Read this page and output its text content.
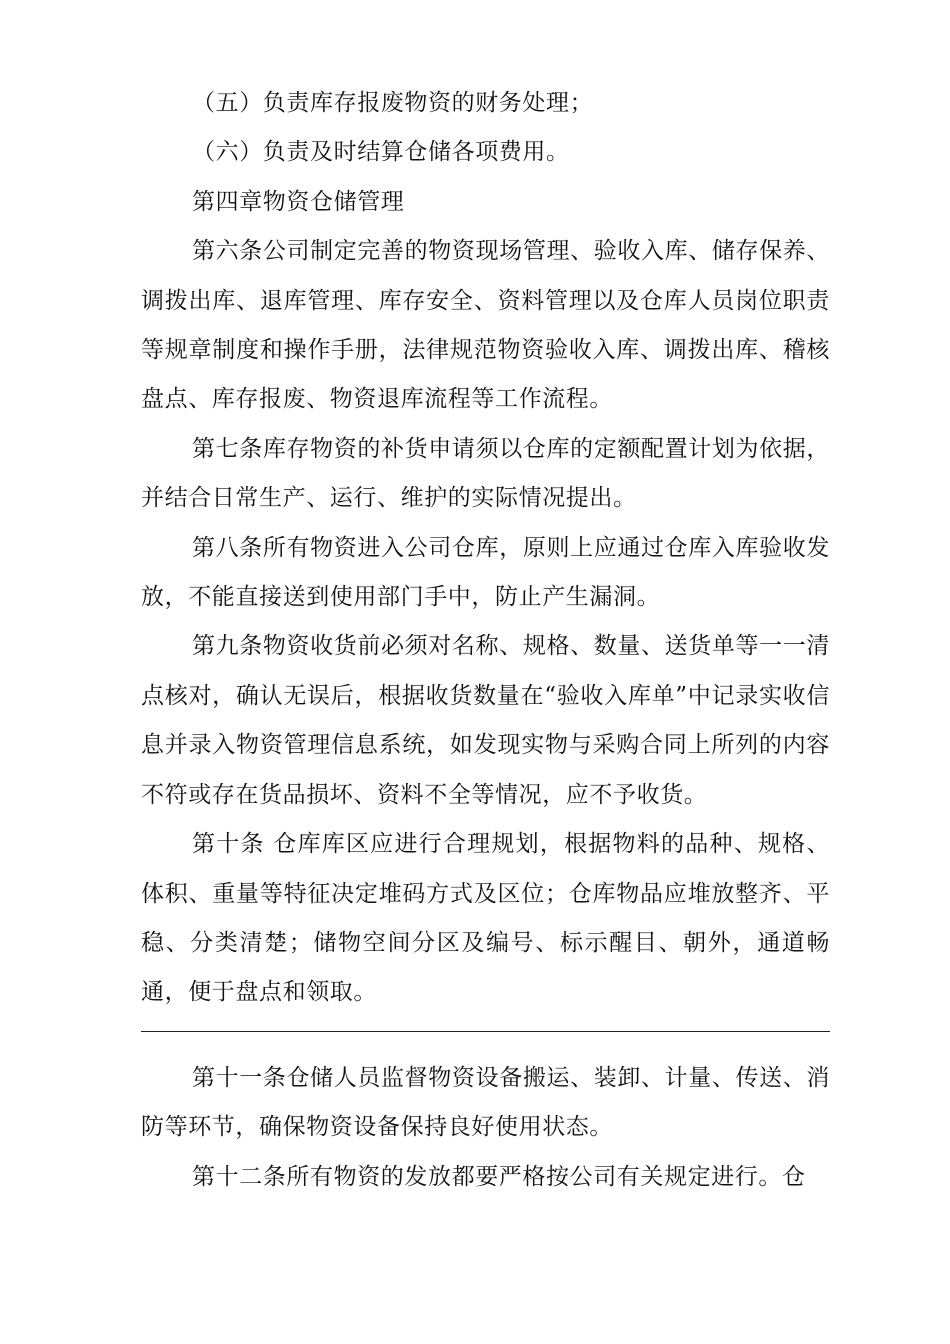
（五）负责库存报废物资的财务处理；

（六）负责及时结算仓储各项费用。

第四章物资仓储管理

第六条公司制定完善的物资现场管理、验收入库、储存保养、调拨出库、退库管理、库存安全、资料管理以及仓库人员岗位职责等规章制度和操作手册，法律规范物资验收入库、调拨出库、稽核盘点、库存报废、物资退库流程等工作流程。

第七条库存物资的补货申请须以仓库的定额配置计划为依据，并结合日常生产、运行、维护的实际情况提出。

第八条所有物资进入公司仓库，原则上应通过仓库入库验收发放，不能直接送到使用部门手中，防止产生漏洞。

第九条物资收货前必须对名称、规格、数量、送货单等一一清点核对，确认无误后，根据收货数量在“验收入库单”中记录实收信息并录入物资管理信息系统，如发现实物与采购合同上所列的内容不符或存在货品损坏、资料不全等情况，应不予收货。

第十条 仓库库区应进行合理规划，根据物料的品种、规格、体积、重量等特征决定堆码方式及区位；仓库物品应堆放整齐、平稳、分类清楚；储物空间分区及编号、标示醒目、朝外，通道畅通，便于盘点和领取。

第十一条仓储人员监督物资设备搬运、装卸、计量、传送、消防等环节，确保物资设备保持良好使用状态。

第十二条所有物资的发放都要严格按公司有关规定进行。仓
